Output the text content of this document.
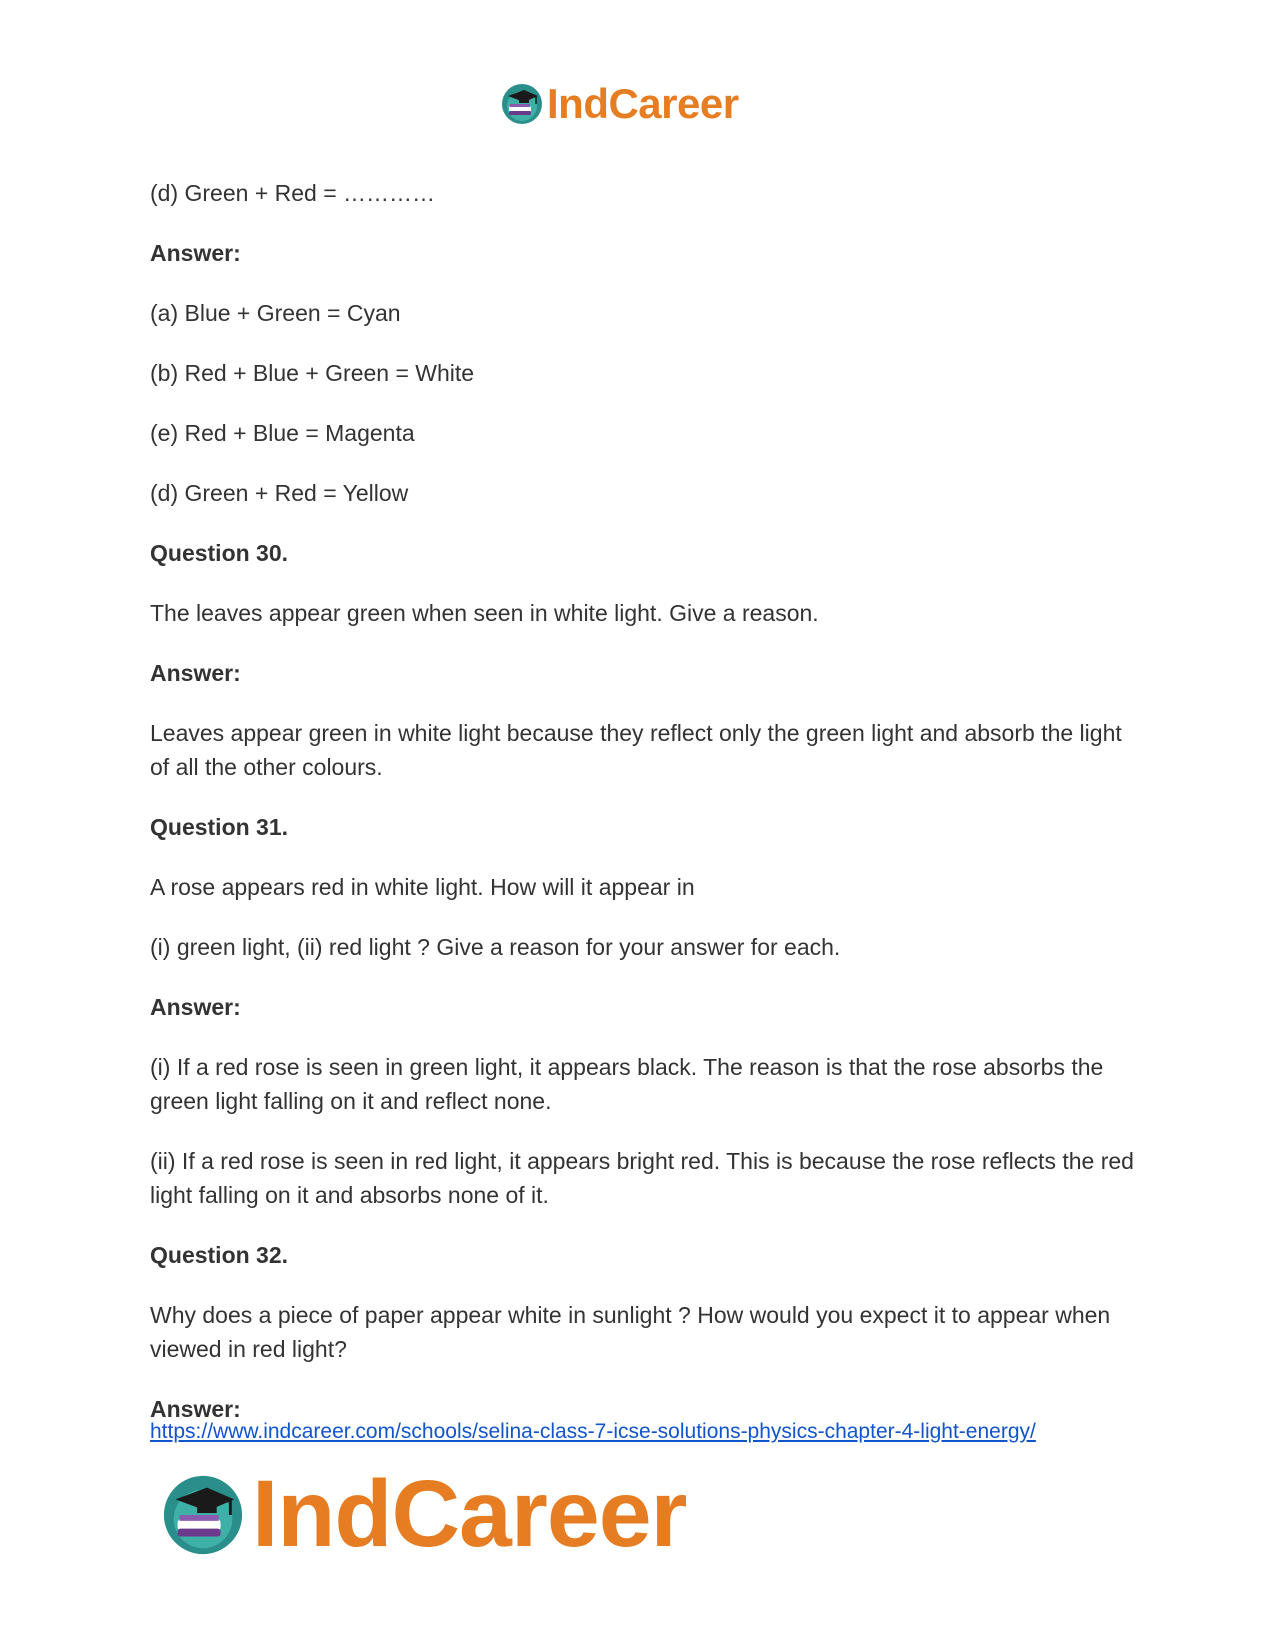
IndCareer

(d) Green + Red = …………

Answer:

(a) Blue + Green = Cyan

(b) Red + Blue + Green = White

(e) Red + Blue = Magenta

(d) Green + Red = Yellow

Question 30.

The leaves appear green when seen in white light. Give a reason.

Answer:

Leaves appear green in white light because they reflect only the green light and absorb the light of all the other colours.

Question 31.

A rose appears red in white light. How will it appear in

(i) green light, (ii) red light ? Give a reason for your answer for each.

Answer:

(i) If a red rose is seen in green light, it appears black. The reason is that the rose absorbs the green light falling on it and reflect none.

(ii) If a red rose is seen in red light, it appears bright red. This is because the rose reflects the red light falling on it and absorbs none of it.

Question 32.

Why does a piece of paper appear white in sunlight ? How would you expect it to appear when viewed in red light?

Answer:

https://www.indcareer.com/schools/selina-class-7-icse-solutions-physics-chapter-4-light-energy/
IndCareer
